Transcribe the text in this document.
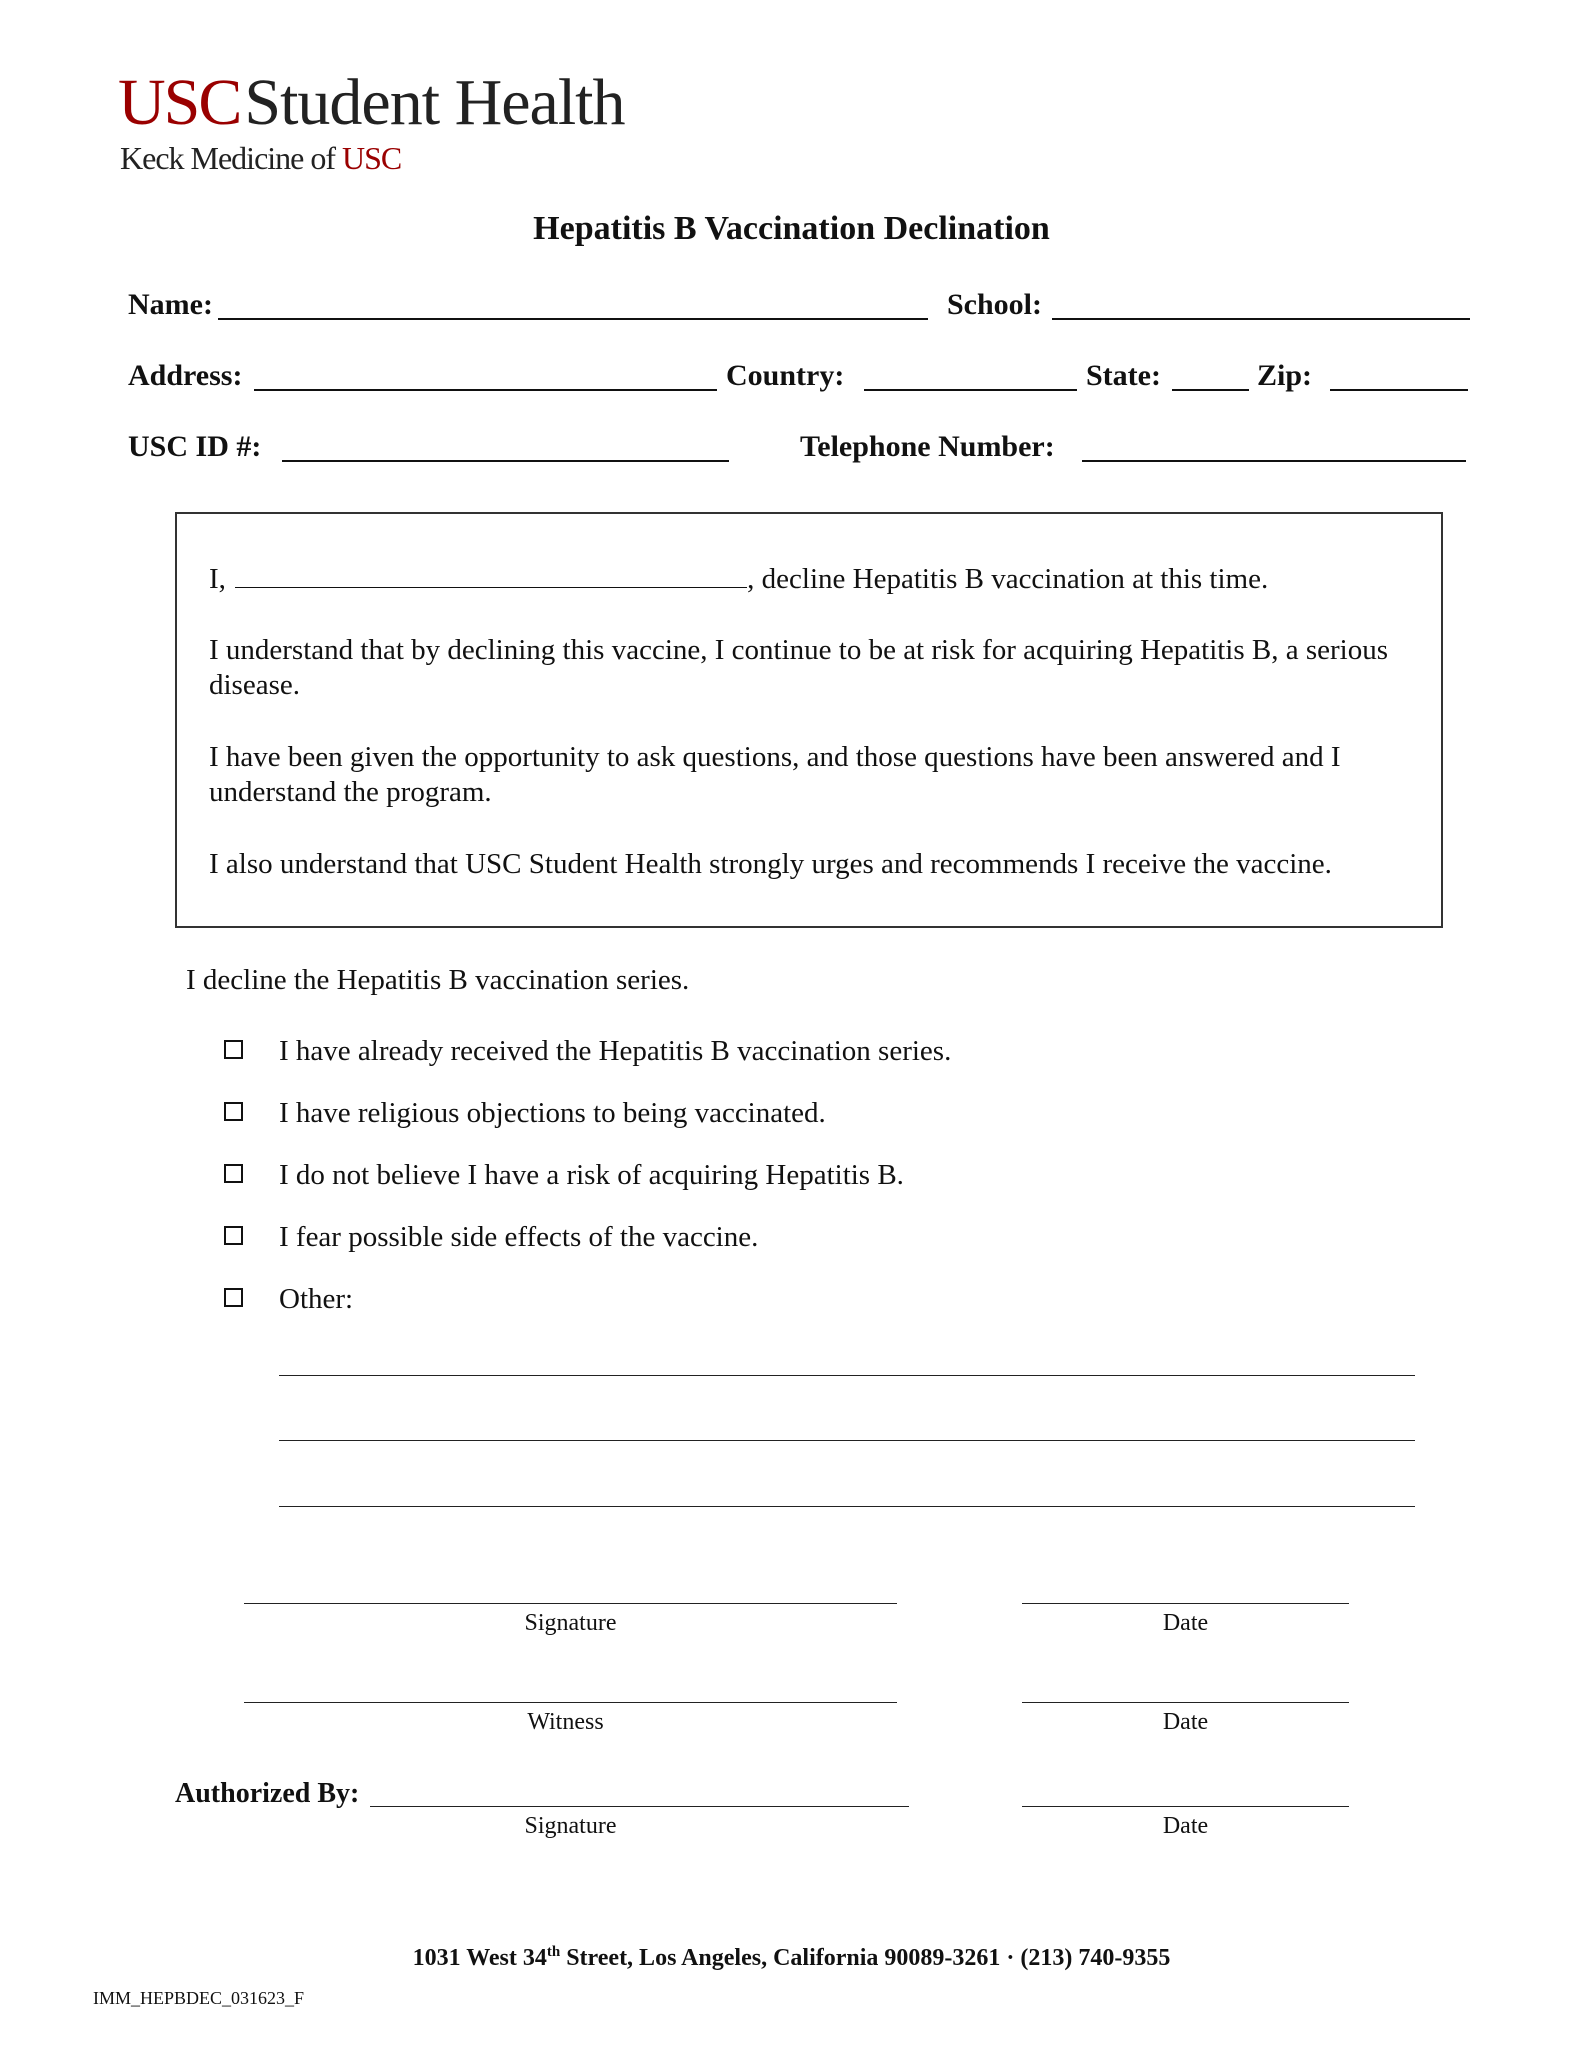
USCStudent Health
Keck Medicine of USC
Hepatitis B Vaccination Declination
Name:	School:
Address:	Country:	State:	Zip:
USC ID #:	Telephone Number:
I,	, decline Hepatitis B vaccination at this time.
I understand that by declining this vaccine, I continue to be at risk for acquiring Hepatitis B, a serious disease.
I have been given the opportunity to ask questions, and those questions have been answered and I understand the program.
I also understand that USC Student Health strongly urges and recommends I receive the vaccine.
I decline the Hepatitis B vaccination series.
I have already received the Hepatitis B vaccination series.
I have religious objections to being vaccinated.
I do not believe I have a risk of acquiring Hepatitis B.
I fear possible side effects of the vaccine.
Other:
Signature	Date
Witness	Date
Authorized By:
Signature	Date
1031 West 34th Street, Los Angeles, California 90089-3261 · (213) 740-9355
IMM_HEPBDEC_031623_F
